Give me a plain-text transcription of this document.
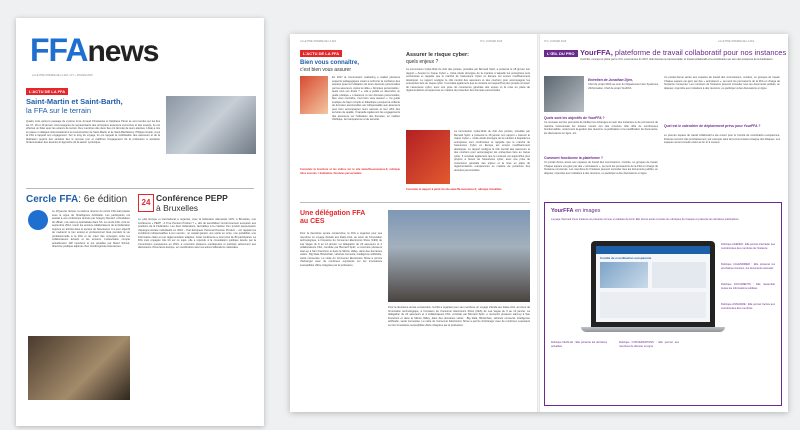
FFAnews
LA LETTRE INTERNE DE LA FFA • N°1 • JANVIER 2018
L'ACTU DE LA FFA
Saint-Martin et Saint-Barth,
la FFA sur le terrain
Quatre mois après le passage du cyclone Irma, Arnaud Chneiweiss et Stéphane Pénet se sont rendus sur les îles les 27, 18 et 19 janvier. Accompagnés de représentants des principaux assureurs concernés et des experts, ils ont effectué un bilan avec les acteurs de terrain. Des membres des deux îles ont fait état de leurs attentes. L'État a mis en place un délégué interministériel à la reconstruction de Saint-Martin et de Saint-Barthélemy, Philippe Gustin, à qui la FFA a rappelé son engagement. Sur le long du voyage, ils ont rappelé la mobilisation des assureurs et de la fédération auprès des sinistrés dès le premier jour et réaffirmé l'engagement de la profession à accélérer l'indemnisation des assurés à l'approche de la saison cyclonique.
Cercle FFA: 6e édition
Le 18 janvier dernier, la sixième réunion du cercle FFA était placée sous le signe de l'Intelligence Artificielle. Les participants ont assisté à une conférence animée par Grégory Renard, cofondateur de xBrain, une start-up spécialisée dans l'IA. Le cercle FFA, créé en septembre 2012, réunit les anciens collaborateurs de la Fédération toujours en activité dans le secteur de l'assurance. Il a pour objectif de maintenir le lien amical et professionnel tissé pendant la vie professionnelle à la FFA et de créer des synergies entre les collaborateurs actuels et les anciens. L'association compte actuellement 118 membres et est présidée par Maud Schmit, directrice juridique adjointe chez Crédit Agricole Assurances.
24 Conférence PEPP
à Bruxelles
Le pôle Europe et international a organisé, avec la fédération allemande GDV, à Bruxelles, une conférence « PEPP : A True Pension Product ? », afin de sensibiliser l'environnement européen aux positions de la Fédération. Les deux fédérations, favorables à la création d'un produit paneuropéen d'épargne-retraite individuelle en 2019 – Pan-European Personal Pension Product – ont rappelé les conditions indispensables à son succès : un capital garanti, une sortie en rente, une portabilité, une information claire et une réglementation adaptée. Cette conférence a réuni plus de 80 participants. La FFA s'est engagée très tôt sur ce sujet, elle a répondu à la consultation publique lancée par la Commission européenne en 2016, a rencontré plusieurs eurodéputés et participe activement aux discussions d'Insurance Europe, en coordination avec les autres fédérations nationales.
LA LETTRE INTERNE DE LA FFA	N°1 | JANVIER 2018
L'ACTU DE LA FFA
Bien vous connaître,
c'est bien vous assurer
En 2017 la Commission marketing a réalisé plusieurs supports pédagogiques visant à renforcer la confiance des assurés quant à l'utilisation de leurs données personnelles par les assureurs. Après la vidéo « Données personnelles : quels sont vos droits ? », elle a publié en décembre un guide pratique « L'assureur et vos données personnelles, bien vous connaître, c'est bien vous assurer ». Ce guide explique de façon simple et didactique pourquoi la collecte de données personnelles est indispensable aux assureurs pour bien accompagner leurs assurés et leur offrir des services de qualité. Il rappelle également les engagements des assureurs sur l'utilisation des données, en matière d'éthique, de transparence et de sécurité.
Consultez la brochure et les vidéos sur le site www.ffa-assurance.fr, rubrique infos assurés > fédération, Données personnelles.
Assurer le risque cyber:
quels enjeux ?
La commission Cyber-Risk du club des juristes, présidée par Bernard Spitz, a présenté le 18 janvier son rapport « Assurer le risque Cyber ». Cette étude témoigne de la manière à laquelle les entreprises sont confrontées et rappelle que le marché de l'assurance Cyber en Europe est encore insuffisamment développé. Le rapport souligne le rôle central des assureurs et des courtiers pour accompagner les entreprises face au risque cyber. Il constate également que le contexte est aujourd'hui plus propice à l'essor de l'assurance cyber, avec une prise de conscience générale des enjeux et la mise en place de réglementations européennes en matière de protection des données personnelles.
La commission Cyber-Risk du club des juristes, présidée par Bernard Spitz, a présenté le 18 janvier son rapport « Assurer le risque Cyber ». Cette étude témoigne de la manière à laquelle les entreprises sont confrontées et rappelle que le marché de l'assurance Cyber en Europe est encore insuffisamment développé. Le rapport souligne le rôle central des assureurs et des courtiers pour accompagner les entreprises face au risque cyber. Il constate également que le contexte est aujourd'hui plus propice à l'essor de l'assurance cyber, avec une prise de conscience générale des enjeux et la mise en place de réglementations européennes en matière de protection des données personnelles.
Consultez le rapport à partir du site www.ffa-assurance.fr, rubrique Actualités.
Une délégation FFA
au CES
Pour la deuxième année consécutive, la FFA a organisé pour ses membres un voyage d'étude aux États-Unis, au cœur de l'innovation technologique, à l'occasion du Consumer Electronics Show (CES) de Las Vegas du 9 au 12 janvier. La délégation de 24 assureurs et 4 collaborateurs FFA, conduite par Bernard Spitz, a rencontré plusieurs start-up à San Francisco et dans la Silicon Valley, dans des domaines variés : Big Data, Blockchain, véhicule connecté, intelligence artificielle, santé connectée. La visite du Consumer Electronics Show a permis d'échanger avec de nombreux exposants sur les innovations susceptibles d'être intégrées par la profession.
Pour la deuxième année consécutive, la FFA a organisé pour ses membres un voyage d'étude aux États-Unis, au cœur de l'innovation technologique, à l'occasion du Consumer Electronics Show (CES) de Las Vegas du 9 au 12 janvier. La délégation de 24 assureurs et 4 collaborateurs FFA, conduite par Bernard Spitz, a rencontré plusieurs start-up à San Francisco et dans la Silicon Valley, dans des domaines variés : Big Data, Blockchain, véhicule connecté, intelligence artificielle, santé connectée. La visite du Consumer Electronics Show a permis d'échanger avec de nombreux exposants sur les innovations susceptibles d'être intégrées par la profession.
N°1 | JANVIER 2018	LA LETTRE INTERNE DE LA FFA
L'ŒIL DU PRO YourFFA, plateforme de travail collaboratif pour nos instances
YourFFA, concept et pilote par le CSI, a été lancée fin 2017. Elle favorise la transversalité, le travail collaboratif et la coordination au sein des instances de la Fédération.
Entretien de Jonathan Djen,
Chef de projet MOA au sein du Département des Systèmes d'Information, Chef de projet YourFFA
Quels sont les objectifs de YourFFA ?
Ce nouveau service permettra de faciliter les échanges au sein des instances et de promouvoir de manière transversale les travaux menés lors des réunions. Elle offre de nombreuses fonctionnalités, notamment la gestion des réunions, la publication et la modification de documents, les discussions en ligne, etc.
Comment fonctionne la plateforme ?
Un portail donne accès aux espaces de travail des commissions, comités, ou groupes de travail. Chaque espace est géré par des « animateurs », qui sont les permanents de la FFA en charge de l'instance concernée. Les membres de l'instance peuvent consulter tous les documents publiés, en déposer, répondre aux invitations à des réunions, ou participer à des discussions en ligne.
Un portail donne accès aux espaces de travail des commissions, comités, ou groupes de travail. Chaque espace est géré par des « animateurs », qui sont les permanents de la FFA en charge de l'instance concernée. Les membres de l'instance peuvent consulter tous les documents publiés, en déposer, répondre aux invitations à des réunions, ou participer à des discussions en ligne.
Quel est le calendrier de déploiement prévu pour YourFFA ?
Le premier espace de travail collaboratif a été ouvert pour le Comité de coordination européenne. D'autres suivront très prochainement, par exemple celui de la Commission Analyse des Risques. Les espaces seront ensuite créés au fur et à mesure.
YourFFA en images
La page d'accueil d'une instance se présente comme un tableau de bord. Elle donne accès à toutes les rubriques de l'espace et présente les dernières publications.
Comité de coordination européenne
Rubrique FEUILLE : Elle présente les dernières actualités
Rubrique CONVERSATIONS : Elle permet aux membres de discuter en ligne
Rubrique AGENDA : Elle permet d'accéder aux coordonnées des membres de l'instance
Rubrique CALENDRIER : Elle présente les prochaines réunions, les documents associés
Rubrique DOCUMENTS : Elle rassemble toutes les informations publiées
Rubrique ANNUAIRE : Elle permet l'accès aux coordonnées des membres
